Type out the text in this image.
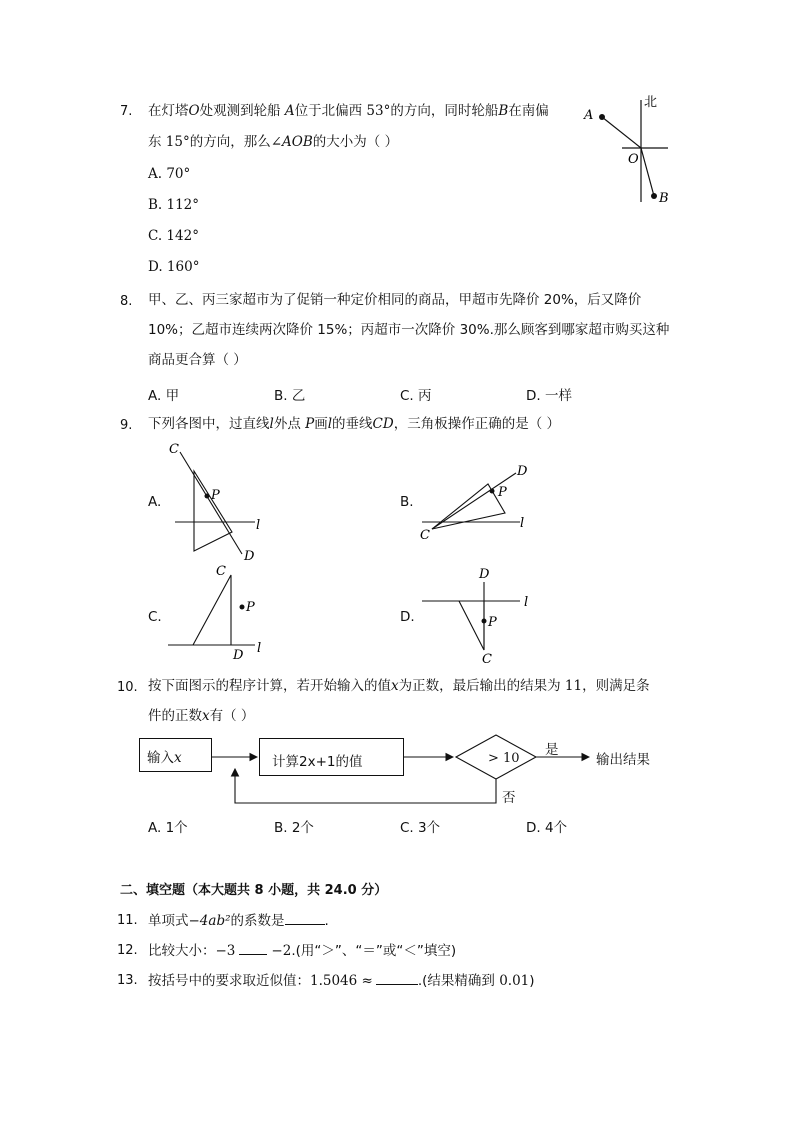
7. 在灯塔O处观测到轮船 A位于北偏西 53°的方向，同时轮船B在南偏
东 15°的方向，那么∠AOB的大小为（ ）
A. 70°
B. 112°
C. 142°
D. 160°
北
A
O
B
8. 甲、乙、丙三家超市为了促销一种定价相同的商品，甲超市先降价 20%，后又降价
10%；乙超市连续两次降价 15%；丙超市一次降价 30%.那么顾客到哪家超市购买这种
商品更合算（ ）
A. 甲	B. 乙	C. 丙	D. 一样
9. 下列各图中，过直线l外点 P画l的垂线CD，三角板操作正确的是（ ）
A.
C
P
l
D
B.
D
P
l
C
C.
C
P
l
D
D.
D
P
l
C
10. 按下面图示的程序计算，若开始输入的值x为正数，最后输出的结果为 11，则满足条
件的正数x有（ ）
输入x	计算2x+1的值	> 10
是
否
输出结果
A. 1个	B. 2个	C. 3个	D. 4个
二、填空题（本大题共 8 小题，共 24.0 分）
11. 单项式−4ab²的系数是	.
12. 比较大小：−3	−2.(用“＞”、“＝”或“＜”填空)
13. 按括号中的要求取近似值：1.5046 ≈	.(结果精确到 0.01)
